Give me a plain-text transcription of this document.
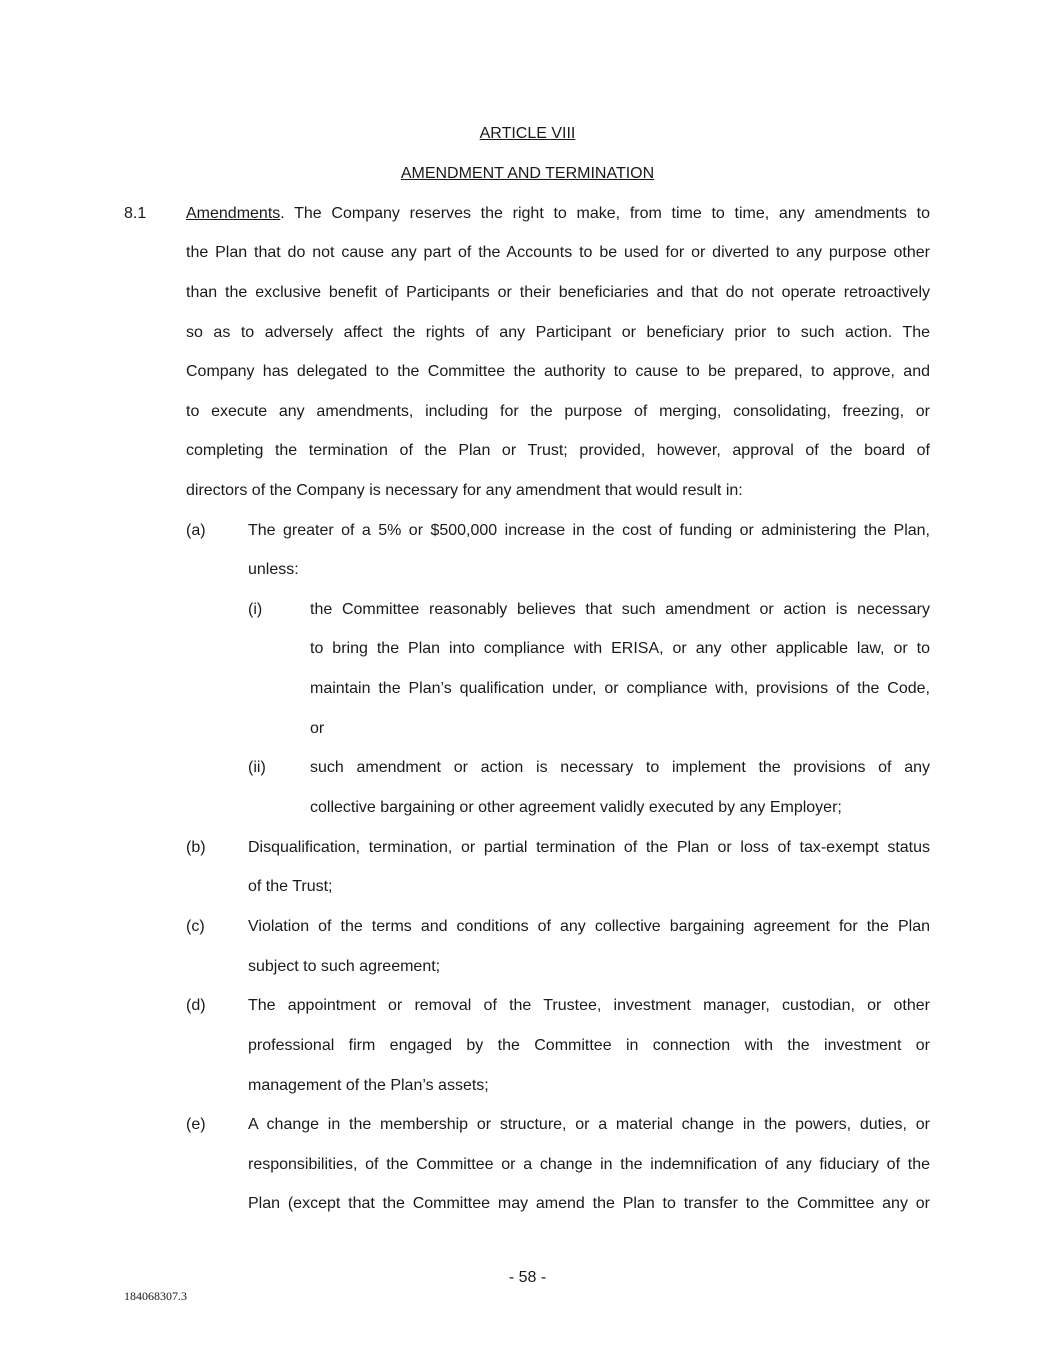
ARTICLE VIII
AMENDMENT AND TERMINATION
8.1 Amendments. The Company reserves the right to make, from time to time, any amendments to
the Plan that do not cause any part of the Accounts to be used for or diverted to any purpose other
than the exclusive benefit of Participants or their beneficiaries and that do not operate retroactively
so as to adversely affect the rights of any Participant or beneficiary prior to such action. The
Company has delegated to the Committee the authority to cause to be prepared, to approve, and
to execute any amendments, including for the purpose of merging, consolidating, freezing, or
completing the termination of the Plan or Trust; provided, however, approval of the board of
directors of the Company is necessary for any amendment that would result in:
(a)	The greater of a 5% or $500,000 increase in the cost of funding or administering the Plan,
unless:
(i)	the Committee reasonably believes that such amendment or action is necessary
to bring the Plan into compliance with ERISA, or any other applicable law, or to
maintain the Plan’s qualification under, or compliance with, provisions of the Code,
or
(ii)	such amendment or action is necessary to implement the provisions of any
collective bargaining or other agreement validly executed by any Employer;
(b)	Disqualification, termination, or partial termination of the Plan or loss of tax-exempt status
of the Trust;
(c)	Violation of the terms and conditions of any collective bargaining agreement for the Plan
subject to such agreement;
(d)	The appointment or removal of the Trustee, investment manager, custodian, or other
professional firm engaged by the Committee in connection with the investment or
management of the Plan’s assets;
(e)	A change in the membership or structure, or a material change in the powers, duties, or
responsibilities, of the Committee or a change in the indemnification of any fiduciary of the
Plan (except that the Committee may amend the Plan to transfer to the Committee any or
- 58 -
184068307.3
